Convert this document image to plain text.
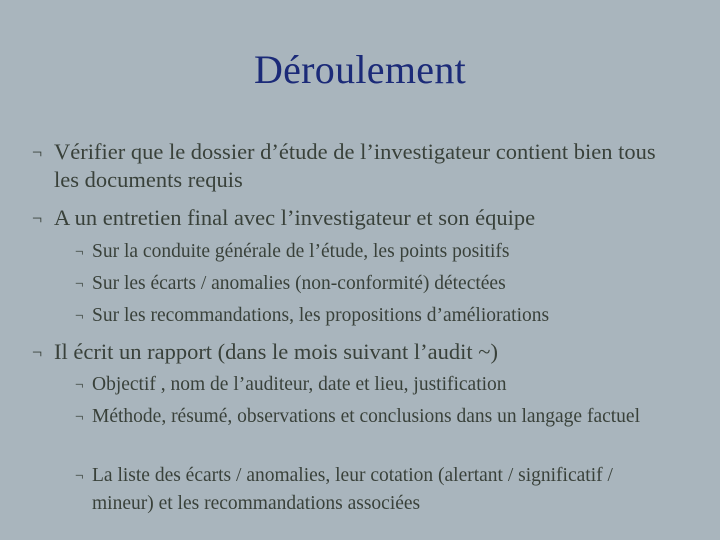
Déroulement
¬ Vérifier que le dossier d’étude de l’investigateur contient bien tous les documents requis
¬ A un entretien final avec l’investigateur et son équipe
¬ Sur la conduite générale de l’étude, les points positifs
¬ Sur les écarts / anomalies (non-conformité) détectées
¬ Sur les recommandations, les propositions d’améliorations
¬ Il écrit un rapport (dans le mois suivant l’audit ~)
¬ Objectif , nom de l’auditeur, date et lieu, justification
¬ Méthode, résumé, observations et conclusions dans un langage factuel
¬ La liste des écarts / anomalies, leur cotation (alertant / significatif / mineur) et les recommandations associées
